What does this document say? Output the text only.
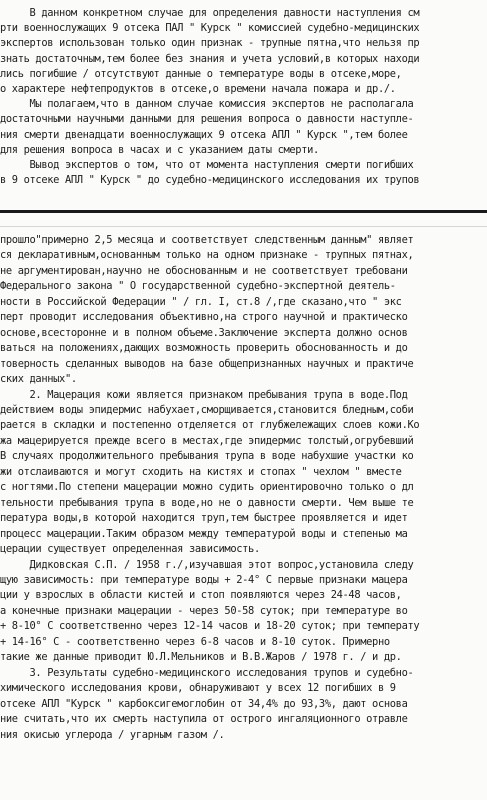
В данном конкретном случае для определения давности наступления см
рти военнослужащих 9 отсека ПАЛ " Курск " комиссией судебно-медицинских
экспертов использован только один признак - трупные пятна,что нельзя пр
знать достаточным,тем более без знания и учета условий,в которых находи
лись погибшие / отсутствуют данные о температуре воды в отсеке,море,
о характере нефтепродуктов в отсеке,о времени начала пожара и др./.
Мы полагаем,что в данном случае комиссия экспертов не располагала
достаточными научными данными для решения вопроса о давности наступле-
ния смерти двенадцати военнослужащих 9 отсека АПЛ " Курск ",тем более
для решения вопроса в часах и с указанием даты смерти.
Вывод экспертов о том, что от момента наступления смерти погибших
в 9 отсеке АПЛ " Курск " до судебно-медицинского исследования их трупов
прошло"примерно 2,5 месяца и соответствует следственным данным" являет
ся декларативным,основанным только на одном признаке - трупных пятнах,
не аргументирован,научно не обоснованным и не соответствует требовани
Федерального закона " О государственной судебно-экспертной деятель-
ности в Российской Федерации " / гл. I, ст.8 /,где сказано,что " экс
перт проводит исследования объективно,на строго научной и практическо
основе,всесторонне и в полном объеме.Заключение эксперта должно основ
ваться на положениях,дающих возможность проверить обоснованность и до
товерность сделанных выводов на базе общепризнанных научных и практиче
ских данных".
2. Мацерация кожи является признаком пребывания трупа в воде.Под
действием воды эпидермис набухает,сморщивается,становится бледным,соби
рается в складки и постепенно отделяется от глубжележащих слоев кожи.Ко
жа мацерируется прежде всего в местах,где эпидермис толстый,огрубевший
В случаях продолжительного пребывания трупа в воде набухшие участки ко
жи отслаиваются и могут сходить на кистях и стопах " чехлом " вместе
с ногтями.По степени мацерации можно судить ориентировочно только о дл
тельности пребывания трупа в воде,но не о давности смерти. Чем выше те
пература воды,в которой находится труп,тем быстрее проявляется и идет
процесс мацерации.Таким образом между температурой воды и степенью ма
церации существует определенная зависимость.
Дидковская С.П. / 1958 г./,изучавшая этот вопрос,установила следу
щую зависимость: при температуре воды + 2-4° С первые признаки мацера
ции у взрослых в области кистей и стоп появляются через 24-48 часов,
а конечные признаки мацерации - через 50-58 суток; при температуре во
+ 8-10° С соответственно через 12-14 часов и 18-20 суток; при температу
+ 14-16° С - соответственно через 6-8 часов и 8-10 суток. Примерно
такие же данные приводит Ю.Л.Мельников и В.В.Жаров / 1978 г. / и др.
3. Результаты судебно-медицинского исследования трупов и судебно-
химического исследования крови, обнаруживают у всех 12 погибших в 9
отсеке АПЛ "Курск " карбоксигемоглобин от 34,4% до 93,3%, дают основа
ние считать,что их смерть наступила от острого ингаляционного отравле
ния окисью углерода / угарным газом /.
